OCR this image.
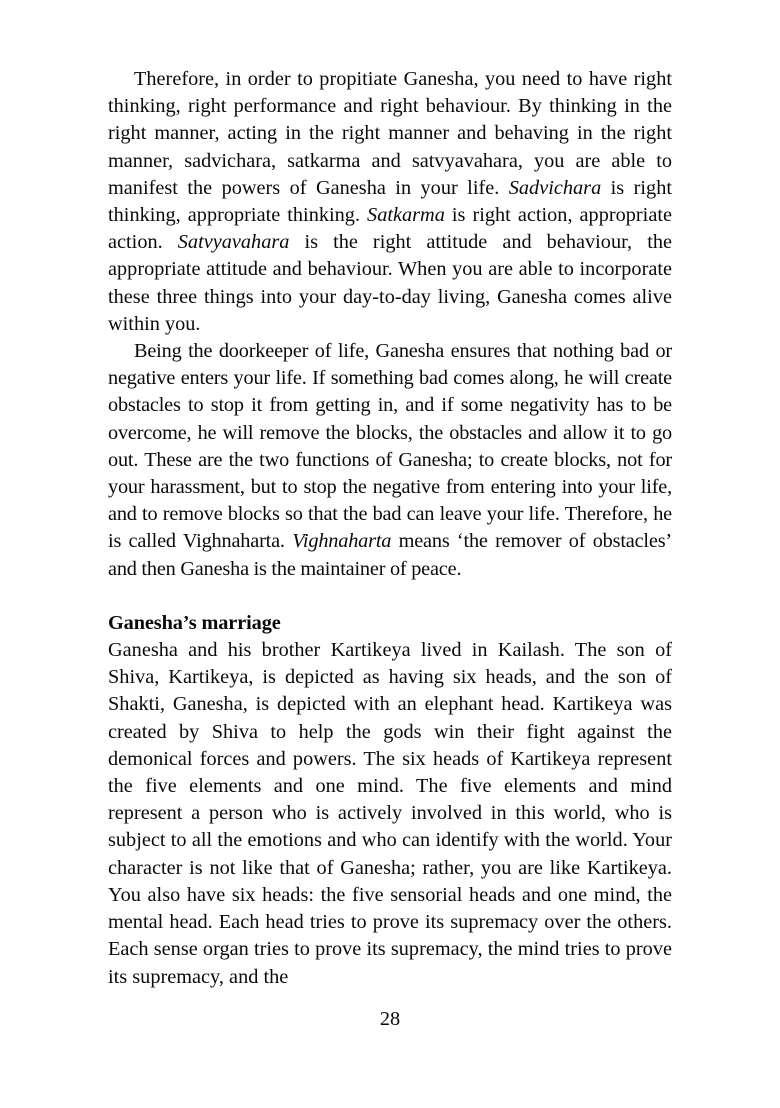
Therefore, in order to propitiate Ganesha, you need to have right thinking, right performance and right behaviour. By thinking in the right manner, acting in the right manner and behaving in the right manner, sadvichara, satkarma and satvyavahara, you are able to manifest the powers of Ganesha in your life. Sadvichara is right thinking, appropriate thinking. Satkarma is right action, appropriate action. Satvyavahara is the right attitude and behaviour, the appropriate attitude and behaviour. When you are able to incorporate these three things into your day-to-day living, Ganesha comes alive within you.

Being the doorkeeper of life, Ganesha ensures that nothing bad or negative enters your life. If something bad comes along, he will create obstacles to stop it from getting in, and if some negativity has to be overcome, he will remove the blocks, the obstacles and allow it to go out. These are the two functions of Ganesha; to create blocks, not for your harassment, but to stop the negative from entering into your life, and to remove blocks so that the bad can leave your life. Therefore, he is called Vighnaharta. Vighnaharta means ‘the remover of obstacles’ and then Ganesha is the maintainer of peace.

Ganesha’s marriage

Ganesha and his brother Kartikeya lived in Kailash. The son of Shiva, Kartikeya, is depicted as having six heads, and the son of Shakti, Ganesha, is depicted with an elephant head. Kartikeya was created by Shiva to help the gods win their fight against the demonical forces and powers. The six heads of Kartikeya represent the five elements and one mind. The five elements and mind represent a person who is actively involved in this world, who is subject to all the emotions and who can identify with the world. Your character is not like that of Ganesha; rather, you are like Kartikeya. You also have six heads: the five sensorial heads and one mind, the mental head. Each head tries to prove its supremacy over the others. Each sense organ tries to prove its supremacy, the mind tries to prove its supremacy, and the

28
